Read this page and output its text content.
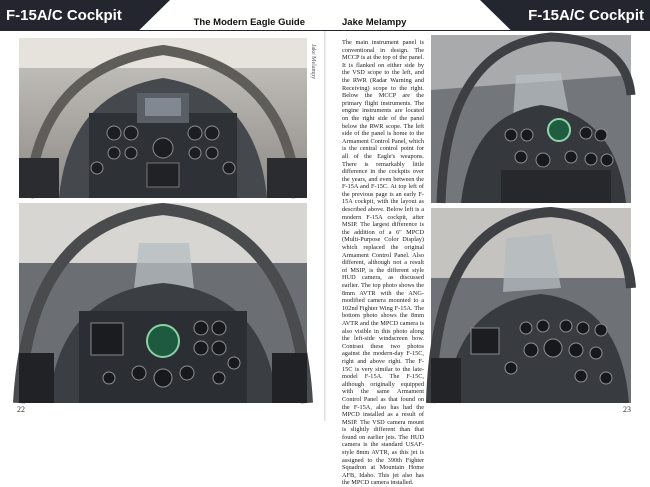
F-15A/C Cockpit	F-15A/C Cockpit
The Modern Eagle Guide	Jake Melampy
Jake Melampy
The main instrument panel is conventional in design. The MCCP is at the top of the panel. It is flanked on either side by the VSD scope to the left, and the RWR (Radar Warning and Receiving) scope to the right. Below the MCCP are the primary flight instruments. The engine instruments are located on the right side of the panel below the RWR scope. The left side of the panel is home to the Armament Control Panel, which is the central control point for all of the Eagle's weapons. There is remarkably little difference in the cockpits over the years, and even between the F-15A and F-15C. At top left of the previous page is an early F-15A cockpit, with the layout as described above. Below left is a modern F-15A cockpit, after MSIP. The largest difference is the addition of a 6" MPCD (Multi-Purpose Color Display) which replaced the original Armament Control Panel. Also different, although not a result of MSIP, is the different style HUD camera, as discussed earlier. The top photo shows the 8mm AVTR with the ANG-modified camera mounted to a 102nd Fighter Wing F-15A. The bottom photo shows the 8mm AVTR and the MPCD camera is also visible in this photo along the left-side windscreen bow. Contrast these two photos against the modern-day F-15C, right and above right. The F-15C is very similar to the late-model F-15A. The F-15C, although originally equipped with the same Armament Control Panel as that found on the F-15A, also has had the MPCD installed as a result of MSIP. The VSD camera mount is slightly different than that found on earlier jets. The HUD camera is the standard USAF-style 8mm AVTR, as this jet is assigned to the 390th Fighter Squadron at Mountain Home AFB, Idaho. This jet also has the MPCD camera installed.
22	23
